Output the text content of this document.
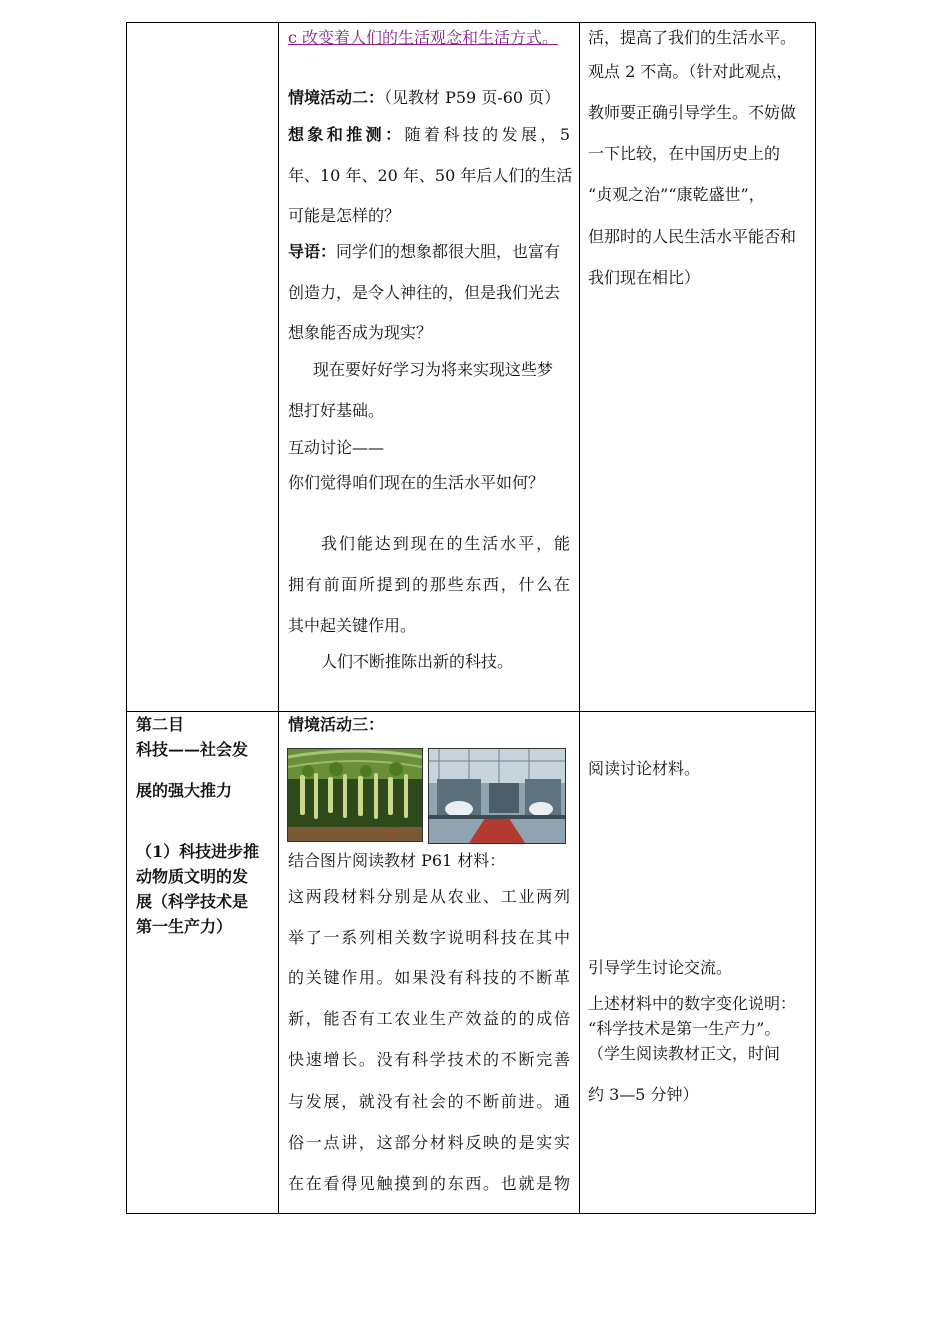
c 改变着人们的生活观念和生活方式。
情境活动二：（见教材 P59 页-60 页）
想象和推测：随着科技的发展，5
年、10 年、20 年、50 年后人们的生活
可能是怎样的？
导语：同学们的想象都很大胆，也富有
创造力，是令人神往的，但是我们光去
想象能否成为现实？
现在要好好学习为将来实现这些梦
想打好基础。
互动讨论——
你们觉得咱们现在的生活水平如何？
我们能达到现在的生活水平，能
拥有前面所提到的那些东西，什么在
其中起关键作用。
人们不断推陈出新的科技。
活，提高了我们的生活水平。
观点 2 不高。（针对此观点，
教师要正确引导学生。不妨做
一下比较，在中国历史上的
“贞观之治”“康乾盛世”，
但那时的人民生活水平能否和
我们现在相比）
第二目
科技——社会发
展的强大推力
（1）科技进步推
动物质文明的发
展（科学技术是
第一生产力）
情境活动三：
✎
结合图片阅读教材 P61 材料：
这两段材料分别是从农业、工业两列
举了一系列相关数字说明科技在其中
的关键作用。如果没有科技的不断革
新，能否有工农业生产效益的的成倍
快速增长。没有科学技术的不断完善
与发展，就没有社会的不断前进。通
俗一点讲，这部分材料反映的是实实
在在看得见触摸到的东西。也就是物
阅读讨论材料。
引导学生讨论交流。
上述材料中的数字变化说明：
“科学技术是第一生产力”。
（学生阅读教材正文，时间
约 3—5 分钟）
